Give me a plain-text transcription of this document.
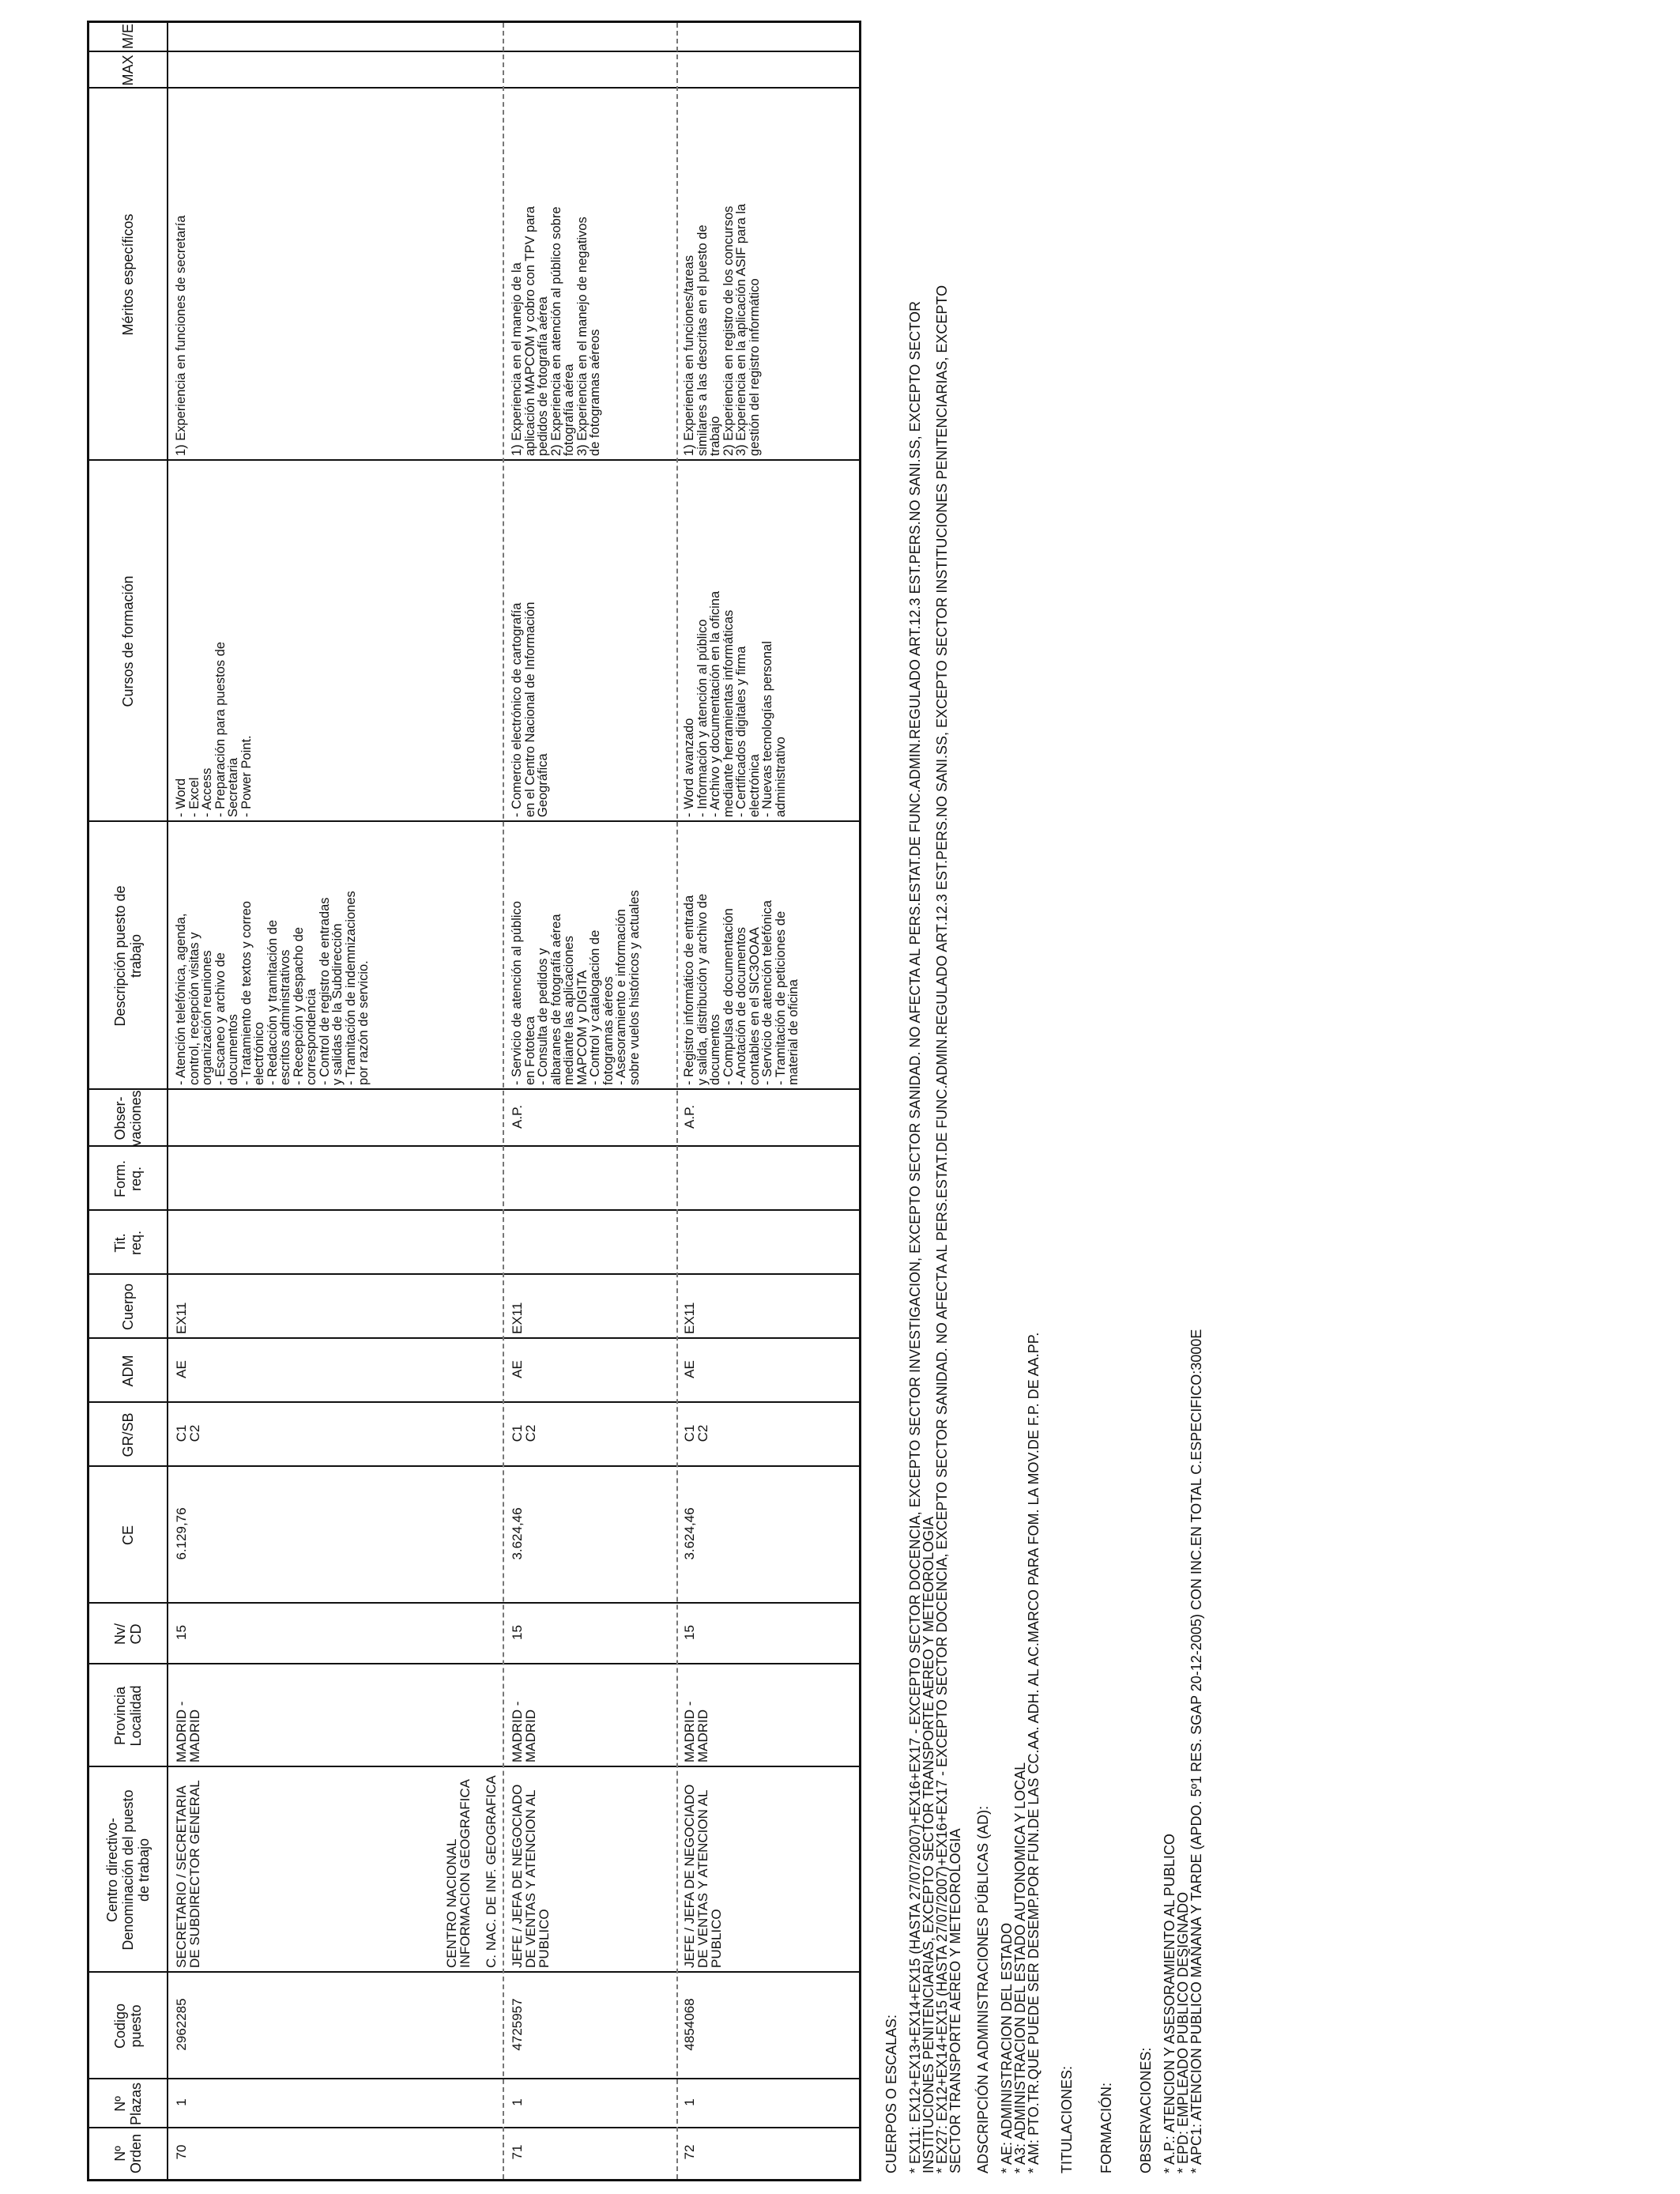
Nº
Orden
Nº
Plazas
Codigo
puesto
Centro directivo-
Denominación del puesto
de trabajo
Provincia
Localidad
Nv/
CD
CE
GR/SB
ADM
Cuerpo
Tit.
req.
Form.
req.
Obser-
vaciones
Descripción puesto de
trabajo
Cursos de formación
Méritos específicos
MAX
M/E
70
1
2962285
SECRETARIO / SECRETARIA
DE SUBDIRECTOR GENERAL
MADRID -
MADRID
15
6.129,76
C1
C2
AE
EX11
- Atención telefónica, agenda,
control, recepción visitas y
organización reuniones
- Escaneo y archivo de
documentos
- Tratamiento de textos y correo
electrónico
- Redacción y tramitación de
escritos administrativos
- Recepción y despacho de
correspondencia
- Control de registro de entradas
y salidas de la Subdirección
- Tramitación de indemnizaciones
por razón de servicio.
- Word
- Excel
- Access
- Preparación para puestos de
Secretaria
- Power Point.
1) Experiencia en funciones de secretaría
CENTRO NACIONAL
INFORMACION GEOGRAFICA C. NAC. DE INF. GEOGRAFICA
71
1
4725957
JEFE / JEFA DE NEGOCIADO
DE VENTAS Y ATENCION AL
PUBLICO
MADRID -
MADRID
15
3.624,46
C1
C2
AE
EX11
A.P.
- Servicio de atención al público
en Fototeca
- Consulta de pedidos y
albaranes de fotografía aérea
mediante las aplicaciones
MAPCOM y DIGITA
- Control y catalogación de
fotogramas aéreos
- Asesoramiento e información
sobre vuelos históricos y actuales
- Comercio electrónico de cartografía
en el Centro Nacional de Información
Geográfica
1) Experiencia en el manejo de la
aplicación MAPCOM y cobro con TPV para
pedidos de fotografía aérea
2) Experiencia en atención al público sobre
fotografía aérea
3) Experiencia en el manejo de negativos
de fotogramas aéreos
72
1
4854068
JEFE / JEFA DE NEGOCIADO
DE VENTAS Y ATENCION AL
PUBLICO
MADRID -
MADRID
15
3.624,46
C1
C2
AE
EX11
A.P.
- Registro informático de entrada
y salida, distribución y archivo de
documentos
- Compulsa de documentación
- Anotación de documentos
contables en el SIC3OOAA
- Servicio de atención telefónica
- Tramitación de peticiones de
material de oficina
- Word avanzado
- Información y atención al público
- Archivo y documentación en la oficina
mediante herramientas informáticas
- Certificados digitales y firma
electrónica
- Nuevas tecnologías personal
administrativo
1) Experiencia en funciones/tareas
similares a las descritas en el puesto de
trabajo
2) Experiencia en registro de los concursos
3) Experiencia en la aplicación ASIF para la
gestión del registro informático

CUERPOS O ESCALAS: * EX11: EX12+EX13+EX14+EX15 (HASTA 27/07/2007)+EX16+EX17 - EXCEPTO SECTOR DOCENCIA, EXCEPTO SECTOR INVESTIGACION, EXCEPTO SECTOR SANIDAD. NO AFECTA AL PERS.ESTAT.DE FUNC.ADMIN.REGULADO ART.12.3 EST.PERS.NO SANI.SS, EXCEPTO SECTOR
INSTITUCIONES PENITENCIARIAS, EXCEPTO SECTOR TRANSPORTE AEREO Y METEOROLOGIA
* EX27: EX12+EX14+EX15 (HASTA 27/07/2007)+EX16+EX17 - EXCEPTO SECTOR DOCENCIA, EXCEPTO SECTOR SANIDAD. NO AFECTA AL PERS.ESTAT.DE FUNC.ADMIN.REGULADO ART.12.3 EST.PERS.NO SANI.SS, EXCEPTO SECTOR INSTITUCIONES PENITENCIARIAS, EXCEPTO
SECTOR TRANSPORTE AEREO Y METEOROLOGIA ADSCRIPCIÓN A ADMINISTRACIONES PÚBLICAS (AD): * AE: ADMINISTRACION DEL ESTADO
* A3: ADMINISTRACION DEL ESTADO AUTONOMICA Y LOCAL
* AM: PTO.TR.QUE PUEDE SER DESEMP.POR FUN.DE LAS CC.AA. ADH. AL AC.MARCO PARA FOM. LA MOV.DE F.P. DE AA.PP.

TITULACIONES: FORMACIÓN: OBSERVACIONES: * A.P.: ATENCION Y ASESORAMIENTO AL PUBLICO
* EPD: EMPLEADO PUBLICO DESIGNADO
* APC1: ATENCION PUBLICO MAÑANA Y TARDE (APDO. 5º1 RES. SGAP 20-12-2005) CON INC.EN TOTAL C.ESPECIFICO:3000E
